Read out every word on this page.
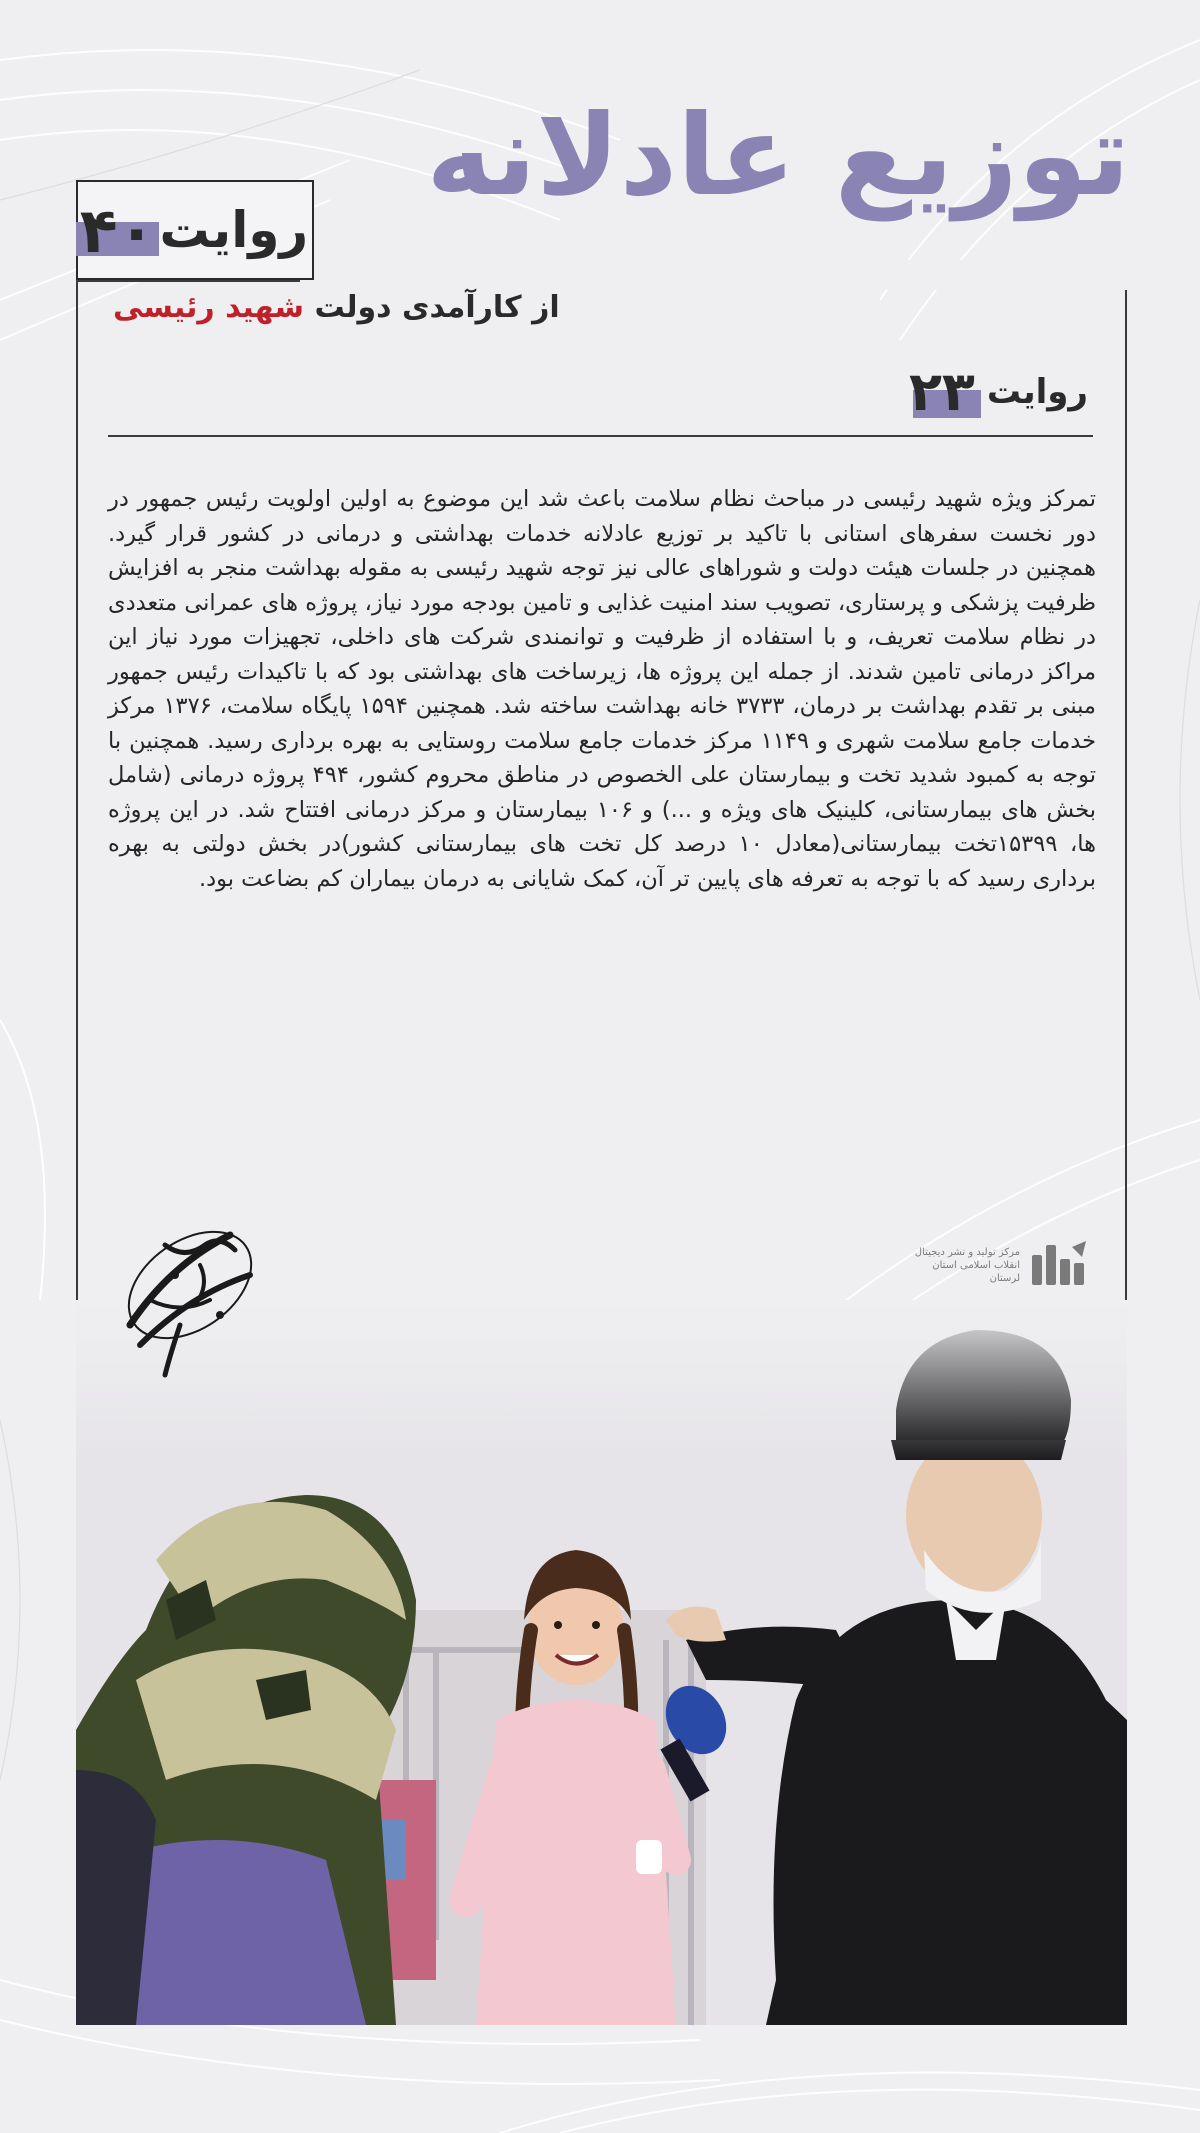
توزیع عادلانه
روایت
۴۰
از کارآمدی دولت شهید رئیسی
روایت
۲۳
تمرکز ویژه شهید رئیسی در مباحث نظام سلامت باعث شد این موضوع به اولین اولویت رئیس جمهور در دور نخست سفرهای استانی با تاکید بر توزیع عادلانه خدمات بهداشتی و درمانی در کشور قرار گیرد. همچنین در جلسات هیئت دولت و شوراهای عالی نیز توجه شهید رئیسی به مقوله بهداشت منجر به افزایش ظرفیت پزشکی و پرستاری، تصویب سند امنیت غذایی و تامین بودجه مورد نیاز، پروژه های عمرانی متعددی در نظام سلامت تعریف، و با استفاده از ظرفیت و توانمندی شرکت های داخلی، تجهیزات مورد نیاز این مراکز درمانی تامین شدند. از جمله این پروژه ها، زیرساخت های بهداشتی بود که با تاکیدات رئیس جمهور مبنی بر تقدم بهداشت بر درمان، ۳۷۳۳ خانه بهداشت ساخته شد. همچنین ۱۵۹۴ پایگاه سلامت، ۱۳۷۶ مرکز خدمات جامع سلامت شهری و ۱۱۴۹ مرکز خدمات جامع سلامت روستایی به بهره برداری رسید. همچنین با توجه به کمبود شدید تخت و بیمارستان علی الخصوص در مناطق محروم کشور، ۴۹۴ پروژه درمانی (شامل بخش های بیمارستانی، کلینیک های ویژه و ...) و ۱۰۶ بیمارستان و مرکز درمانی افتتاح شد. در این پروژه ها، ۱۵۳۹۹تخت بیمارستانی(معادل ۱۰ درصد کل تخت های بیمارستانی کشور)در بخش دولتی به بهره برداری رسید که با توجه به تعرفه های پایین تر آن، کمک شایانی به درمان بیماران کم بضاعت بود.
مرکز تولید و نشر دیجیتال انقلاب اسلامی استان لرستان
